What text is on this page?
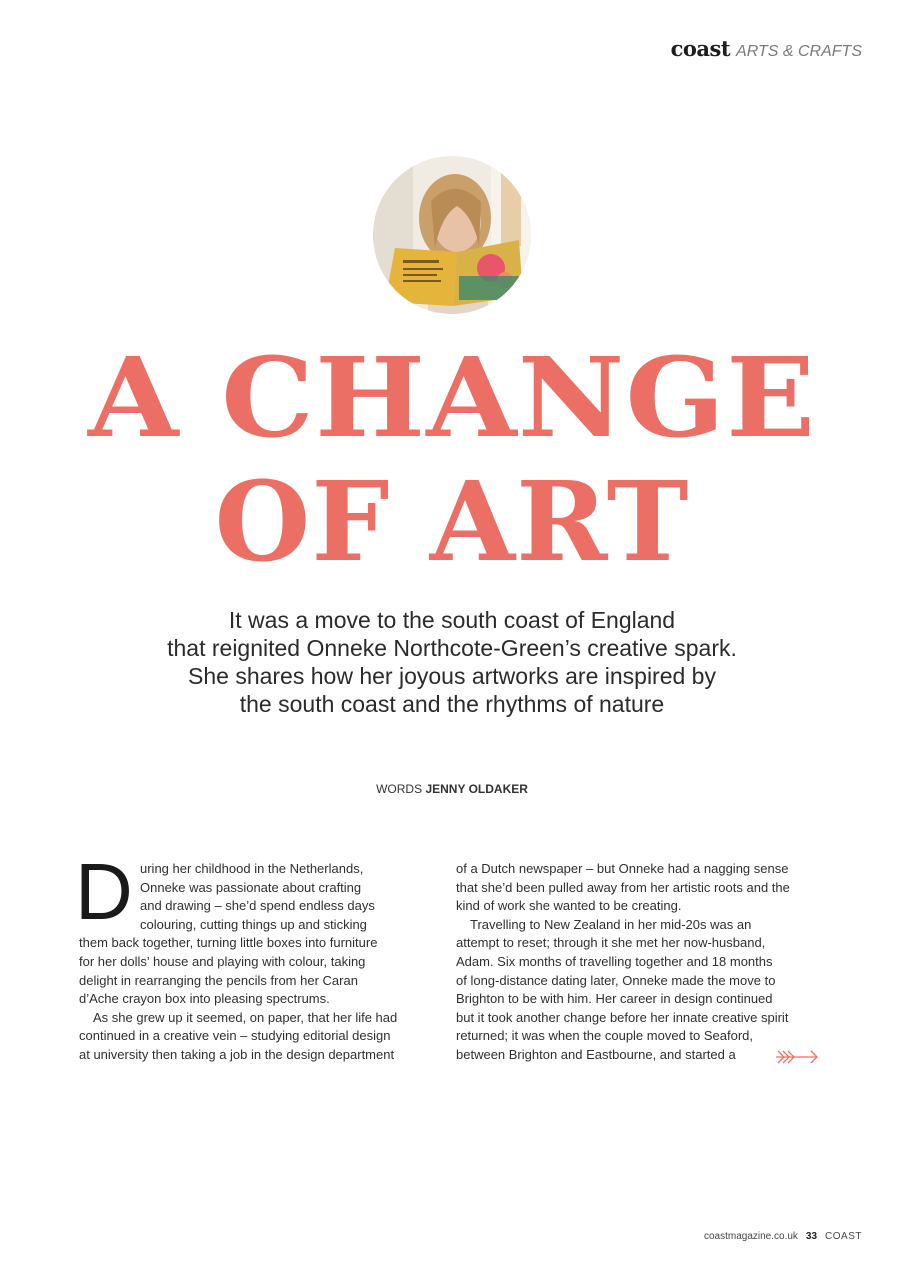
coast ARTS & CRAFTS
A CHANGE
OF ART

It was a move to the south coast of England

that reignited Onneke Northcote-Green’s creative spark.

She shares how her joyous artworks are inspired by

the south coast and the rhythms of nature

WORDS JENNY OLDAKER
D uring her childhood in the Netherlands,

Onneke was passionate about crafting

and drawing – she’d spend endless days

colouring, cutting things up and sticking

them back together, turning little boxes into furniture

for her dolls’ house and playing with colour, taking

delight in rearranging the pencils from her Caran

d’Ache crayon box into pleasing spectrums.

As she grew up it seemed, on paper, that her life had

continued in a creative vein – studying editorial design

at university then taking a job in the design department

of a Dutch newspaper – but Onneke had a nagging sense

that she’d been pulled away from her artistic roots and the

kind of work she wanted to be creating.

Travelling to New Zealand in her mid-20s was an

attempt to reset; through it she met her now-husband,

Adam. Six months of travelling together and 18 months

of long-distance dating later, Onneke made the move to

Brighton to be with him. Her career in design continued

but it took another change before her innate creative spirit

returned; it was when the couple moved to Seaford,

between Brighton and Eastbourne, and started a

coastmagazine.co.uk 33 COAST
